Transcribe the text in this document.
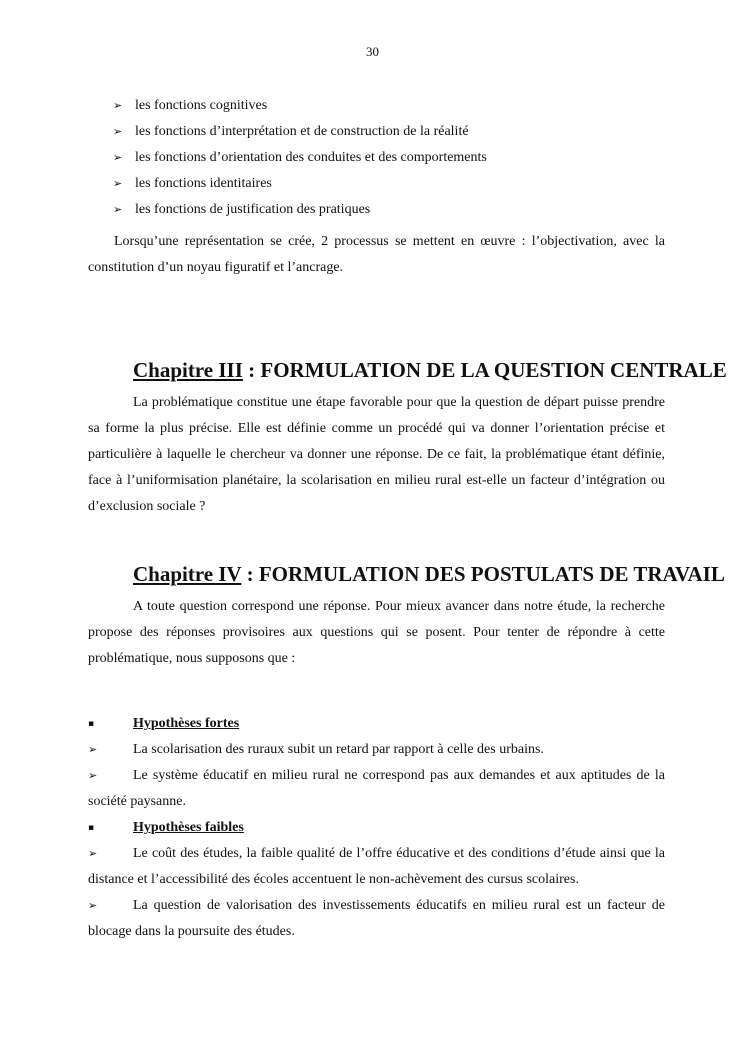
30
➢ les fonctions cognitives
➢ les fonctions d’interprétation et de construction de la réalité
➢ les fonctions d’orientation des conduites et des comportements
➢ les fonctions identitaires
➢ les fonctions de justification des pratiques

Lorsqu’une représentation se crée, 2 processus se mettent en œuvre : l’objectivation, avec la constitution d’un noyau figuratif et l’ancrage.

Chapitre III : FORMULATION DE LA QUESTION CENTRALE

La problématique constitue une étape favorable pour que la question de départ puisse prendre sa forme la plus précise. Elle est définie comme un procédé qui va donner l’orientation précise et particulière à laquelle le chercheur va donner une réponse. De ce fait, la problématique étant définie, face à l’uniformisation planétaire, la scolarisation en milieu rural est-elle un facteur d’intégration ou d’exclusion sociale ?

Chapitre IV : FORMULATION DES POSTULATS DE TRAVAIL

A toute question correspond une réponse. Pour mieux avancer dans notre étude, la recherche propose des réponses provisoires aux questions qui se posent. Pour tenter de répondre à cette problématique, nous supposons que :

▪	Hypothèses fortes
➢	La scolarisation des ruraux subit un retard par rapport à celle des urbains.
➢	Le système éducatif en milieu rural ne correspond pas aux demandes et aux aptitudes de la société paysanne.
▪	Hypothèses faibles
➢	Le coût des études, la faible qualité de l’offre éducative et des conditions d’étude ainsi que la distance et l’accessibilité des écoles accentuent le non-achèvement des cursus scolaires.
➢	La question de valorisation des investissements éducatifs en milieu rural est un facteur de blocage dans la poursuite des études.
